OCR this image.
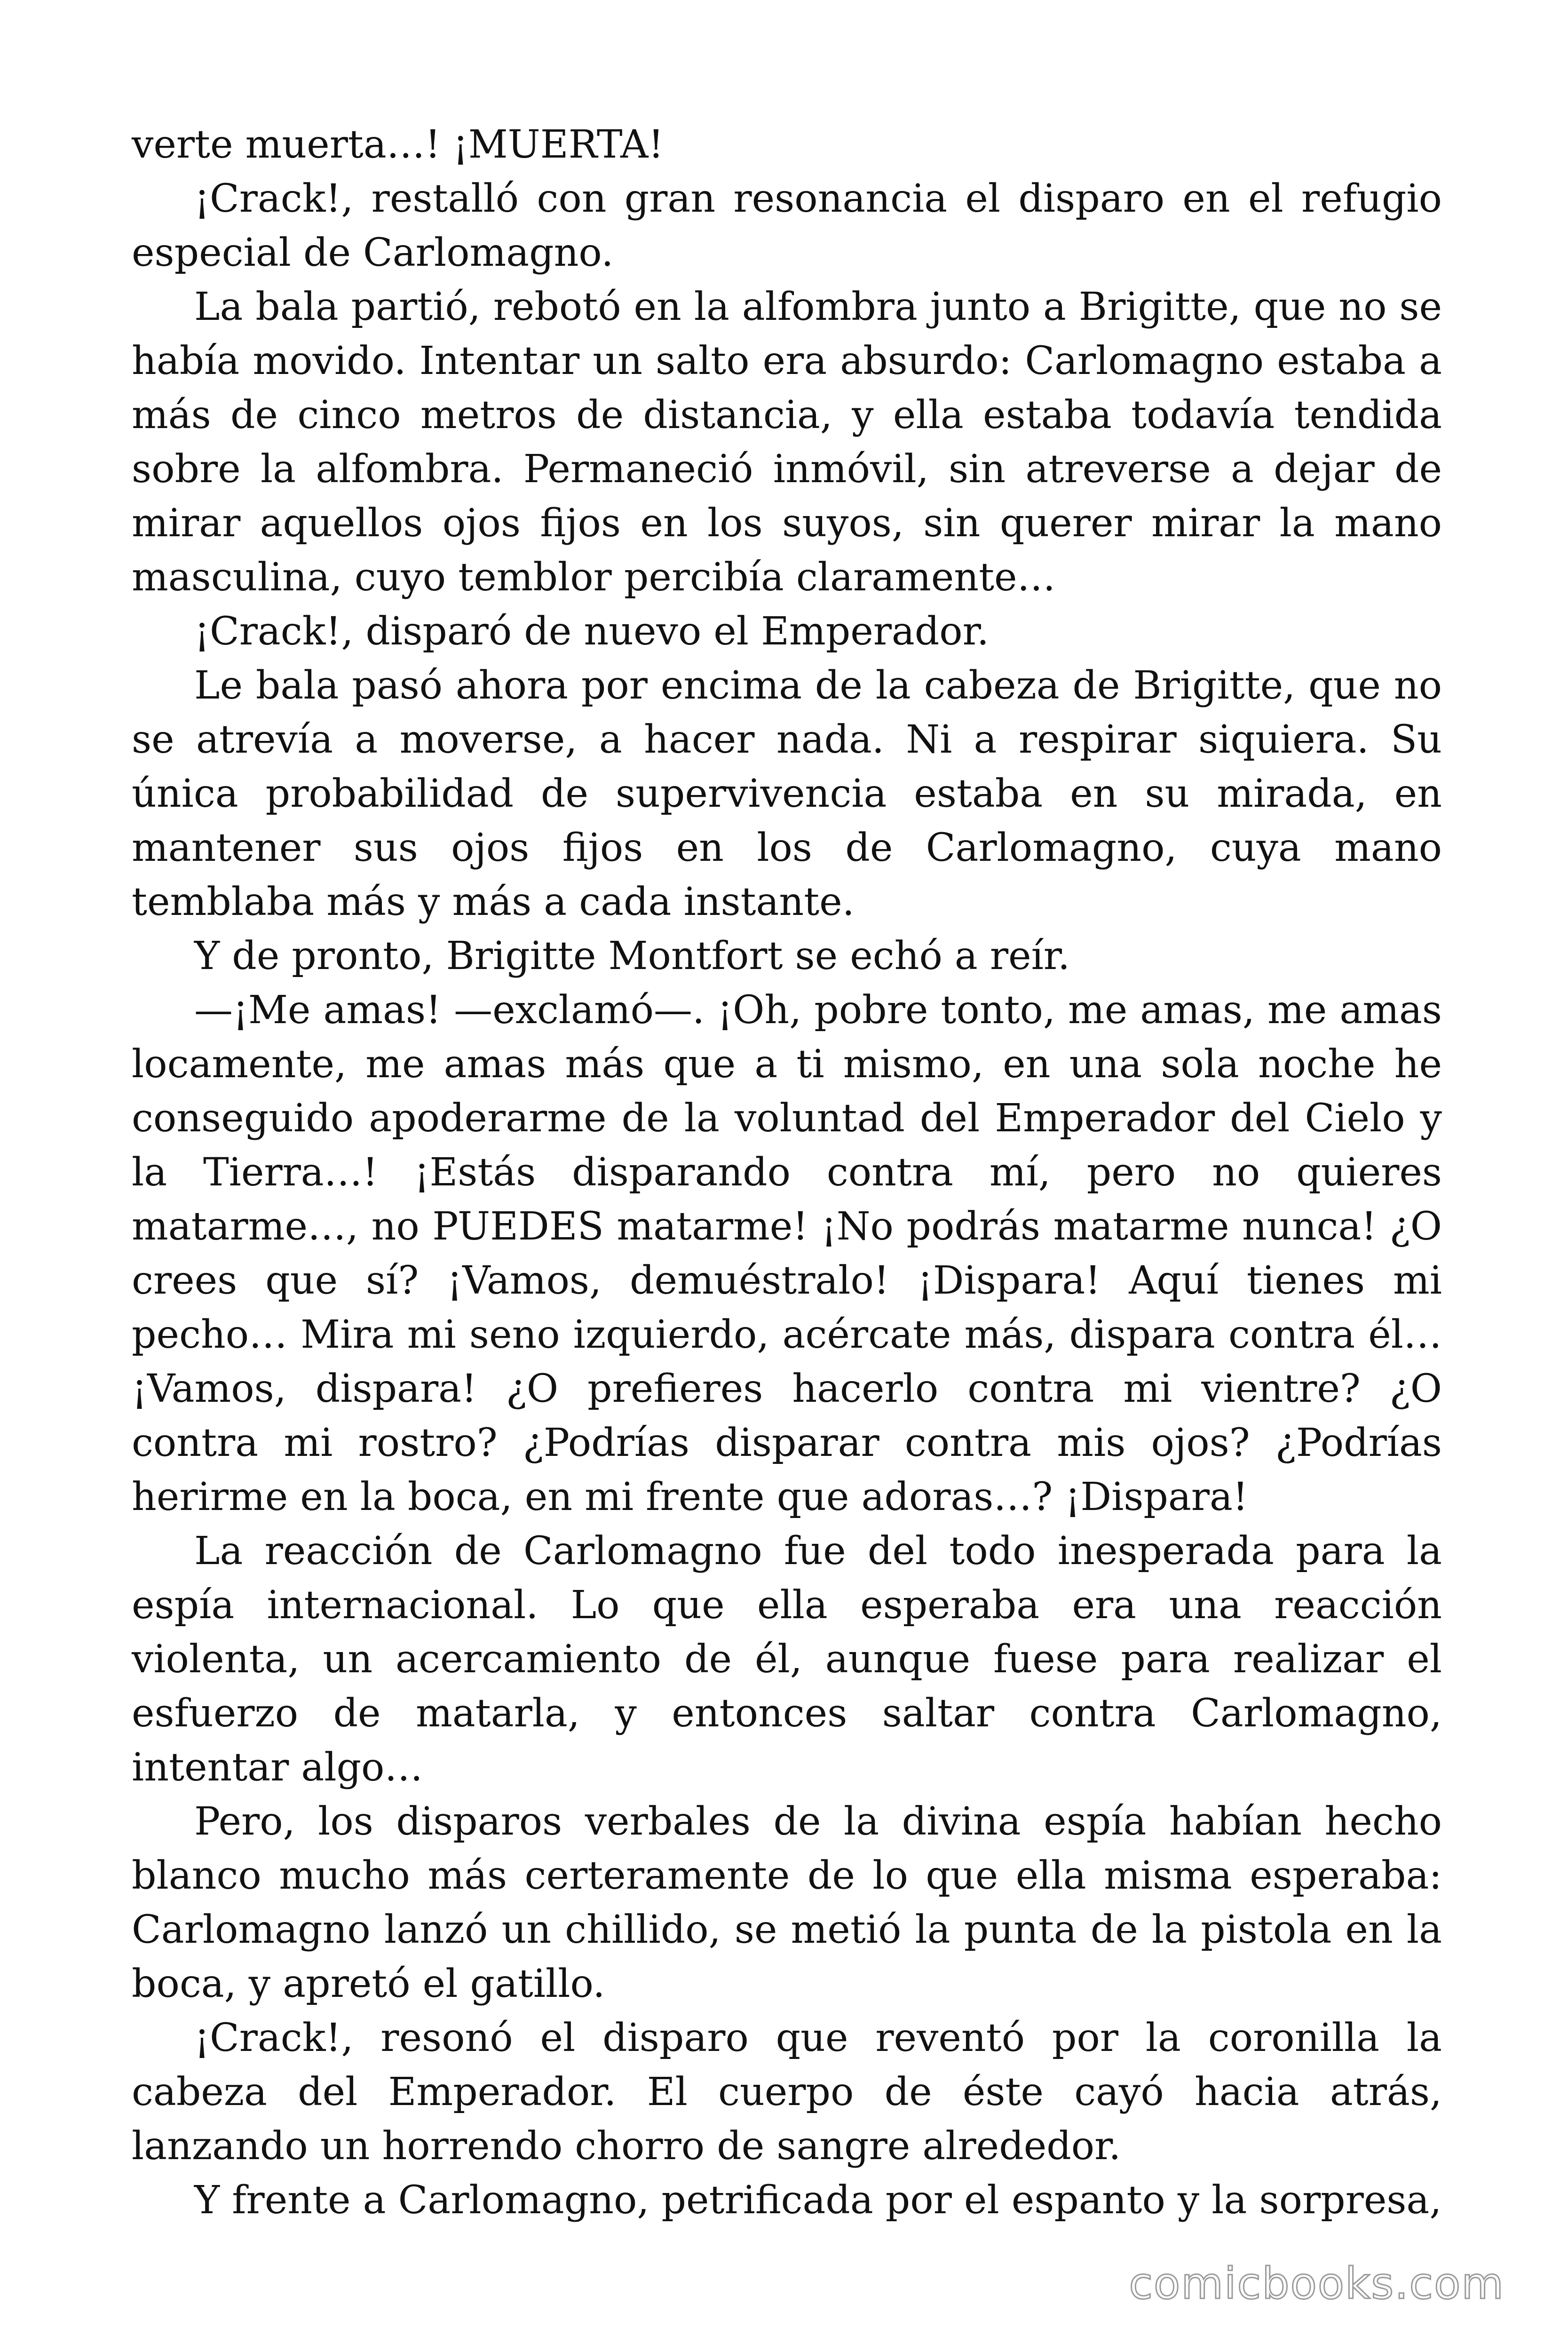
verte muerta…! ¡MUERTA!

¡Crack!, restalló con gran resonancia el disparo en el refugio especial de Carlomagno.

La bala partió, rebotó en la alfombra junto a Brigitte, que no se había movido. Intentar un salto era absurdo: Carlomagno estaba a más de cinco metros de distancia, y ella estaba todavía tendida sobre la alfombra. Permaneció inmóvil, sin atreverse a dejar de mirar aquellos ojos fijos en los suyos, sin querer mirar la mano masculina, cuyo temblor percibía claramente…

¡Crack!, disparó de nuevo el Emperador.

Le bala pasó ahora por encima de la cabeza de Brigitte, que no se atrevía a moverse, a hacer nada. Ni a respirar siquiera. Su única probabilidad de supervivencia estaba en su mirada, en mantener sus ojos fijos en los de Carlomagno, cuya mano temblaba más y más a cada instante.

Y de pronto, Brigitte Montfort se echó a reír.

—¡Me amas! —exclamó—. ¡Oh, pobre tonto, me amas, me amas locamente, me amas más que a ti mismo, en una sola noche he conseguido apoderarme de la voluntad del Emperador del Cielo y la Tierra…! ¡Estás disparando contra mí, pero no quieres matarme…, no PUEDES matarme! ¡No podrás matarme nunca! ¿O crees que sí? ¡Vamos, demuéstralo! ¡Dispara! Aquí tienes mi pecho… Mira mi seno izquierdo, acércate más, dispara contra él… ¡Vamos, dispara! ¿O prefieres hacerlo contra mi vientre? ¿O contra mi rostro? ¿Podrías disparar contra mis ojos? ¿Podrías herirme en la boca, en mi frente que adoras…? ¡Dispara!

La reacción de Carlomagno fue del todo inesperada para la espía internacional. Lo que ella esperaba era una reacción violenta, un acercamiento de él, aunque fuese para realizar el esfuerzo de matarla, y entonces saltar contra Carlomagno, intentar algo…

Pero, los disparos verbales de la divina espía habían hecho blanco mucho más certeramente de lo que ella misma esperaba: Carlomagno lanzó un chillido, se metió la punta de la pistola en la boca, y apretó el gatillo.

¡Crack!, resonó el disparo que reventó por la coronilla la cabeza del Emperador. El cuerpo de éste cayó hacia atrás, lanzando un horrendo chorro de sangre alrededor.

Y frente a Carlomagno, petrificada por el espanto y la sorpresa,

comicbooks.com
